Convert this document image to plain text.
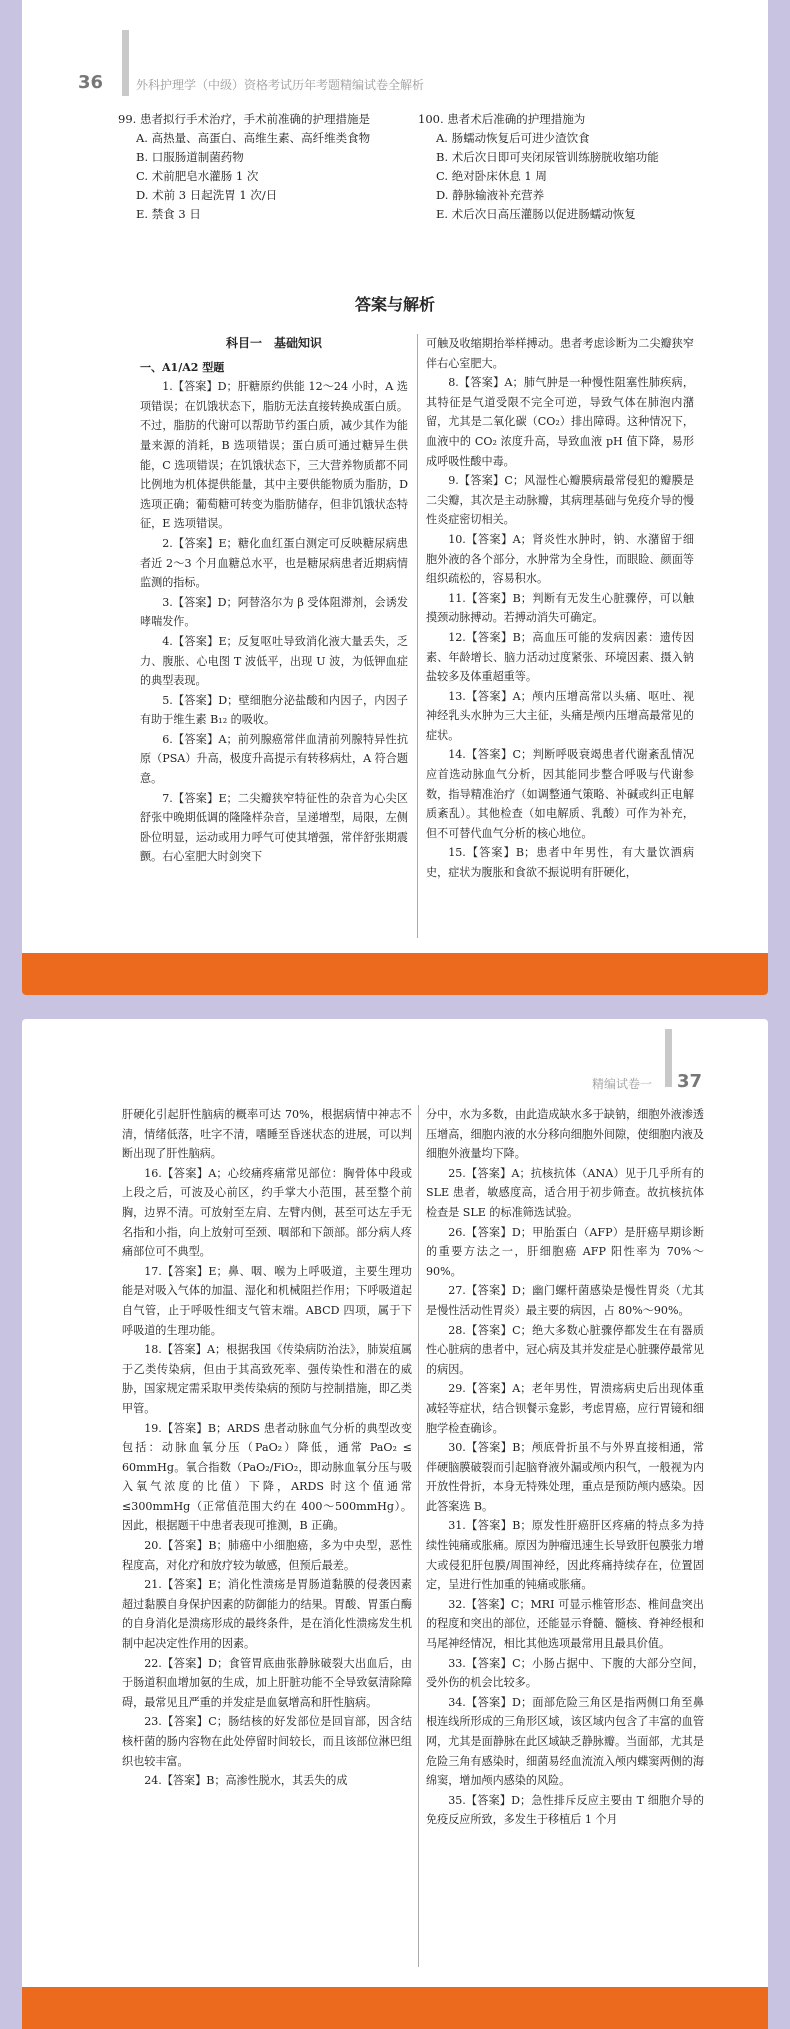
36	外科护理学（中级）资格考试历年考题精编试卷全解析
99. 患者拟行手术治疗，手术前准确的护理措施是
A. 高热量、高蛋白、高维生素、高纤维类食物
B. 口服肠道制菌药物
C. 术前肥皂水灌肠 1 次
D. 术前 3 日起洗胃 1 次/日
E. 禁食 3 日
100. 患者术后准确的护理措施为
A. 肠蠕动恢复后可进少渣饮食
B. 术后次日即可夹闭尿管训练膀胱收缩功能
C. 绝对卧床休息 1 周
D. 静脉输液补充营养
E. 术后次日高压灌肠以促进肠蠕动恢复
答案与解析

科目一　基础知识

一、A1/A2 型题

1.【答案】D；肝糖原约供能 12～24 小时，A 选项错误；在饥饿状态下，脂肪无法直接转换成蛋白质。不过，脂肪的代谢可以帮助节约蛋白质，减少其作为能量来源的消耗，B 选项错误；蛋白质可通过糖异生供能，C 选项错误；在饥饿状态下，三大营养物质都不同比例地为机体提供能量，其中主要供能物质为脂肪，D 选项正确；葡萄糖可转变为脂肪储存，但非饥饿状态特征，E 选项错误。

2.【答案】E；糖化血红蛋白测定可反映糖尿病患者近 2～3 个月血糖总水平，也是糖尿病患者近期病情监测的指标。

3.【答案】D；阿替洛尔为 β 受体阻滞剂，会诱发哮喘发作。

4.【答案】E；反复呕吐导致消化液大量丢失，乏力、腹胀、心电图 T 波低平，出现 U 波，为低钾血症的典型表现。

5.【答案】D；壁细胞分泌盐酸和内因子，内因子有助于维生素 B₁₂ 的吸收。

6.【答案】A；前列腺癌常伴血清前列腺特异性抗原（PSA）升高，极度升高提示有转移病灶，A 符合题意。

7.【答案】E；二尖瓣狭窄特征性的杂音为心尖区舒张中晚期低调的隆隆样杂音，呈递增型，局限，左侧卧位明显，运动或用力呼气可使其增强，常伴舒张期震颤。右心室肥大时剑突下

可触及收缩期抬举样搏动。患者考虑诊断为二尖瓣狭窄伴右心室肥大。

8.【答案】A；肺气肿是一种慢性阻塞性肺疾病，其特征是气道受限不完全可逆，导致气体在肺泡内潴留，尤其是二氧化碳（CO₂）排出障碍。这种情况下，血液中的 CO₂ 浓度升高，导致血液 pH 值下降，易形成呼吸性酸中毒。

9.【答案】C；风湿性心瓣膜病最常侵犯的瓣膜是二尖瓣，其次是主动脉瓣，其病理基础与免疫介导的慢性炎症密切相关。

10.【答案】A；肾炎性水肿时，钠、水潴留于细胞外液的各个部分，水肿常为全身性，而眼睑、颜面等组织疏松的，容易积水。

11.【答案】B；判断有无发生心脏骤停，可以触摸颈动脉搏动。若搏动消失可确定。

12.【答案】B；高血压可能的发病因素：遗传因素、年龄增长、脑力活动过度紧张、环境因素、摄入钠盐较多及体重超重等。

13.【答案】A；颅内压增高常以头痛、呕吐、视神经乳头水肿为三大主征，头痛是颅内压增高最常见的症状。

14.【答案】C；判断呼吸衰竭患者代谢紊乱情况应首选动脉血气分析，因其能同步整合呼吸与代谢参数，指导精准治疗（如调整通气策略、补碱或纠正电解质紊乱）。其他检查（如电解质、乳酸）可作为补充，但不可替代血气分析的核心地位。

15.【答案】B；患者中年男性，有大量饮酒病史，症状为腹胀和食欲不振说明有肝硬化，

精编试卷一 37

肝硬化引起肝性脑病的概率可达 70%，根据病情中神志不清，情绪低落，吐字不清，嗜睡至昏迷状态的进展，可以判断出现了肝性脑病。

16.【答案】A；心绞痛疼痛常见部位：胸骨体中段或上段之后，可波及心前区，约手掌大小范围，甚至整个前胸，边界不清。可放射至左肩、左臂内侧，甚至可达左手无名指和小指，向上放射可至颈、咽部和下颌部。部分病人疼痛部位可不典型。

17.【答案】E；鼻、咽、喉为上呼吸道，主要生理功能是对吸入气体的加温、湿化和机械阻拦作用；下呼吸道起自气管，止于呼吸性细支气管末端。ABCD 四项，属于下呼吸道的生理功能。

18.【答案】A；根据我国《传染病防治法》，肺炭疽属于乙类传染病，但由于其高致死率、强传染性和潜在的威胁，国家规定需采取甲类传染病的预防与控制措施，即乙类甲管。

19.【答案】B；ARDS 患者动脉血气分析的典型改变包括：动脉血氧分压（PaO₂）降低，通常 PaO₂ ≤ 60mmHg。氧合指数（PaO₂/FiO₂，即动脉血氧分压与吸入氧气浓度的比值）下降，ARDS 时这个值通常≤300mmHg（正常值范围大约在 400～500mmHg）。因此，根据题干中患者表现可推测，B 正确。

20.【答案】B；肺癌中小细胞癌，多为中央型，恶性程度高，对化疗和放疗较为敏感，但预后最差。

21.【答案】E；消化性溃疡是胃肠道黏膜的侵袭因素超过黏膜自身保护因素的防御能力的结果。胃酸、胃蛋白酶的自身消化是溃疡形成的最终条件，是在消化性溃疡发生机制中起决定性作用的因素。

22.【答案】D；食管胃底曲张静脉破裂大出血后，由于肠道积血增加氨的生成，加上肝脏功能不全导致氨清除障碍，最常见且严重的并发症是血氨增高和肝性脑病。

23.【答案】C；肠结核的好发部位是回盲部，因含结核杆菌的肠内容物在此处停留时间较长，而且该部位淋巴组织也较丰富。

24.【答案】B；高渗性脱水，其丢失的成

分中，水为多数，由此造成缺水多于缺钠，细胞外液渗透压增高，细胞内液的水分移向细胞外间隙，使细胞内液及细胞外液量均下降。

25.【答案】A；抗核抗体（ANA）见于几乎所有的 SLE 患者，敏感度高，适合用于初步筛查。故抗核抗体检查是 SLE 的标准筛选试验。

26.【答案】D；甲胎蛋白（AFP）是肝癌早期诊断的重要方法之一，肝细胞癌 AFP 阳性率为 70%～90%。

27.【答案】D；幽门螺杆菌感染是慢性胃炎（尤其是慢性活动性胃炎）最主要的病因，占 80%～90%。

28.【答案】C；绝大多数心脏骤停都发生在有器质性心脏病的患者中，冠心病及其并发症是心脏骤停最常见的病因。

29.【答案】A；老年男性，胃溃疡病史后出现体重减轻等症状，结合钡餐示龛影，考虑胃癌，应行胃镜和细胞学检查确诊。

30.【答案】B；颅底骨折虽不与外界直接相通，常伴硬脑膜破裂而引起脑脊液外漏或颅内积气，一般视为内开放性骨折，本身无特殊处理，重点是预防颅内感染。因此答案选 B。

31.【答案】B；原发性肝癌肝区疼痛的特点多为持续性钝痛或胀痛。原因为肿瘤迅速生长导致肝包膜张力增大或侵犯肝包膜/周围神经，因此疼痛持续存在，位置固定，呈进行性加重的钝痛或胀痛。

32.【答案】C；MRI 可显示椎管形态、椎间盘突出的程度和突出的部位，还能显示脊髓、髓核、脊神经根和马尾神经情况，相比其他选项最常用且最具价值。

33.【答案】C；小肠占据中、下腹的大部分空间，受外伤的机会比较多。

34.【答案】D；面部危险三角区是指两侧口角至鼻根连线所形成的三角形区域，该区域内包含了丰富的血管网，尤其是面静脉在此区域缺乏静脉瓣。当面部，尤其是危险三角有感染时，细菌易经血流流入颅内蝶窦两侧的海绵窦，增加颅内感染的风险。

35.【答案】D；急性排斥反应主要由 T 细胞介导的免疫反应所致，多发生于移植后 1 个月
